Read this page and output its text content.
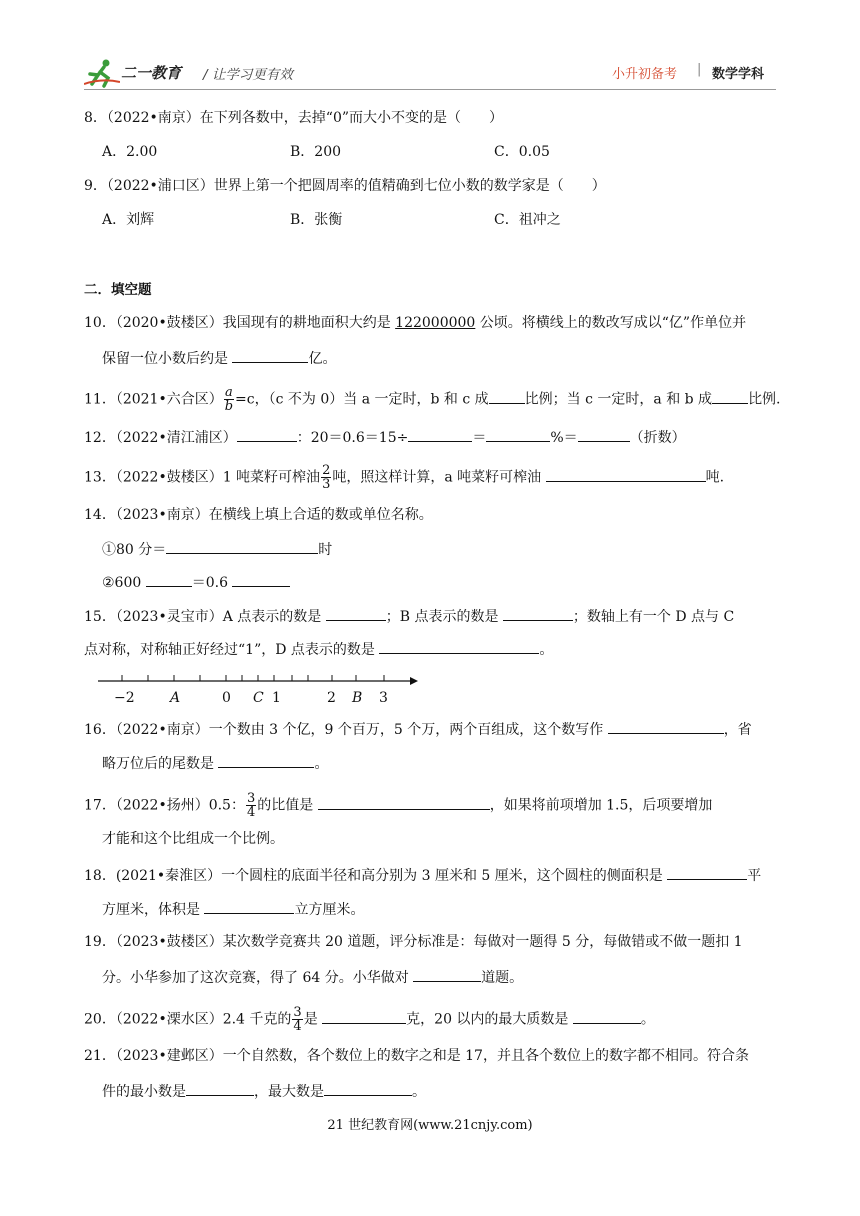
二一教育 / 让学习更有效	小升初备考 | 数学学科
8．（2022•南京）在下列各数中，去掉“0”而大小不变的是（　　）
A．2.00	B．200	C．0.05
9．（2022•浦口区）世界上第一个把圆周率的值精确到七位小数的数学家是（　　）
A．刘辉	B．张衡	C．祖冲之
二．填空题
10．（2020•鼓楼区）我国现有的耕地面积大约是 122000000 公顷。将横线上的数改写成以“亿”作单位并
保留一位小数后约是	亿。
11．（2021•六合区） $\frac{a}{b} =c$，（c 不为 0）当 a 一定时，b 和 c 成	比例；当 c 一定时，a 和 b 成	比例.
12．（2022•清江浦区）	：20＝0.6＝15÷	＝	%＝	（折数）
13．（2022•鼓楼区）1 吨菜籽可榨油 $\frac{2}{3}$ 吨，照这样计算，a 吨菜籽可榨油	吨.
14．（2023•南京）在横线上填上合适的数或单位名称。
①80 分＝	时
②600	＝0.6
15．（2023•灵宝市）A 点表示的数是	；B 点表示的数是	；数轴上有一个 D 点与 C
点对称，对称轴正好经过“1”，D 点表示的数是	。
−2	A	0 C 1	2 B 3
16．（2022•南京）一个数由 3 个亿，9 个百万，5 个万，两个百组成，这个数写作	，省
略万位后的尾数是	。
17．（2022•扬州）0.5： $\frac{3}{4}$ 的比值是	，如果将前项增加 1.5，后项要增加
才能和这个比组成一个比例。
18．(2021•秦淮区）一个圆柱的底面半径和高分别为 3 厘米和 5 厘米，这个圆柱的侧面积是	平
方厘米，体积是	立方厘米。
19．（2023•鼓楼区）某次数学竞赛共 20 道题，评分标准是：每做对一题得 5 分，每做错或不做一题扣 1
分。小华参加了这次竞赛，得了 64 分。小华做对	道题。
20．（2022•溧水区）2.4 千克的 $\frac{3}{4}$ 是	克，20 以内的最大质数是	。
21．（2023•建邺区）一个自然数，各个数位上的数字之和是 17，并且各个数位上的数字都不相同。符合条
件的最小数是	，最大数是	。
21 世纪教育网(www.21cnjy.com)
